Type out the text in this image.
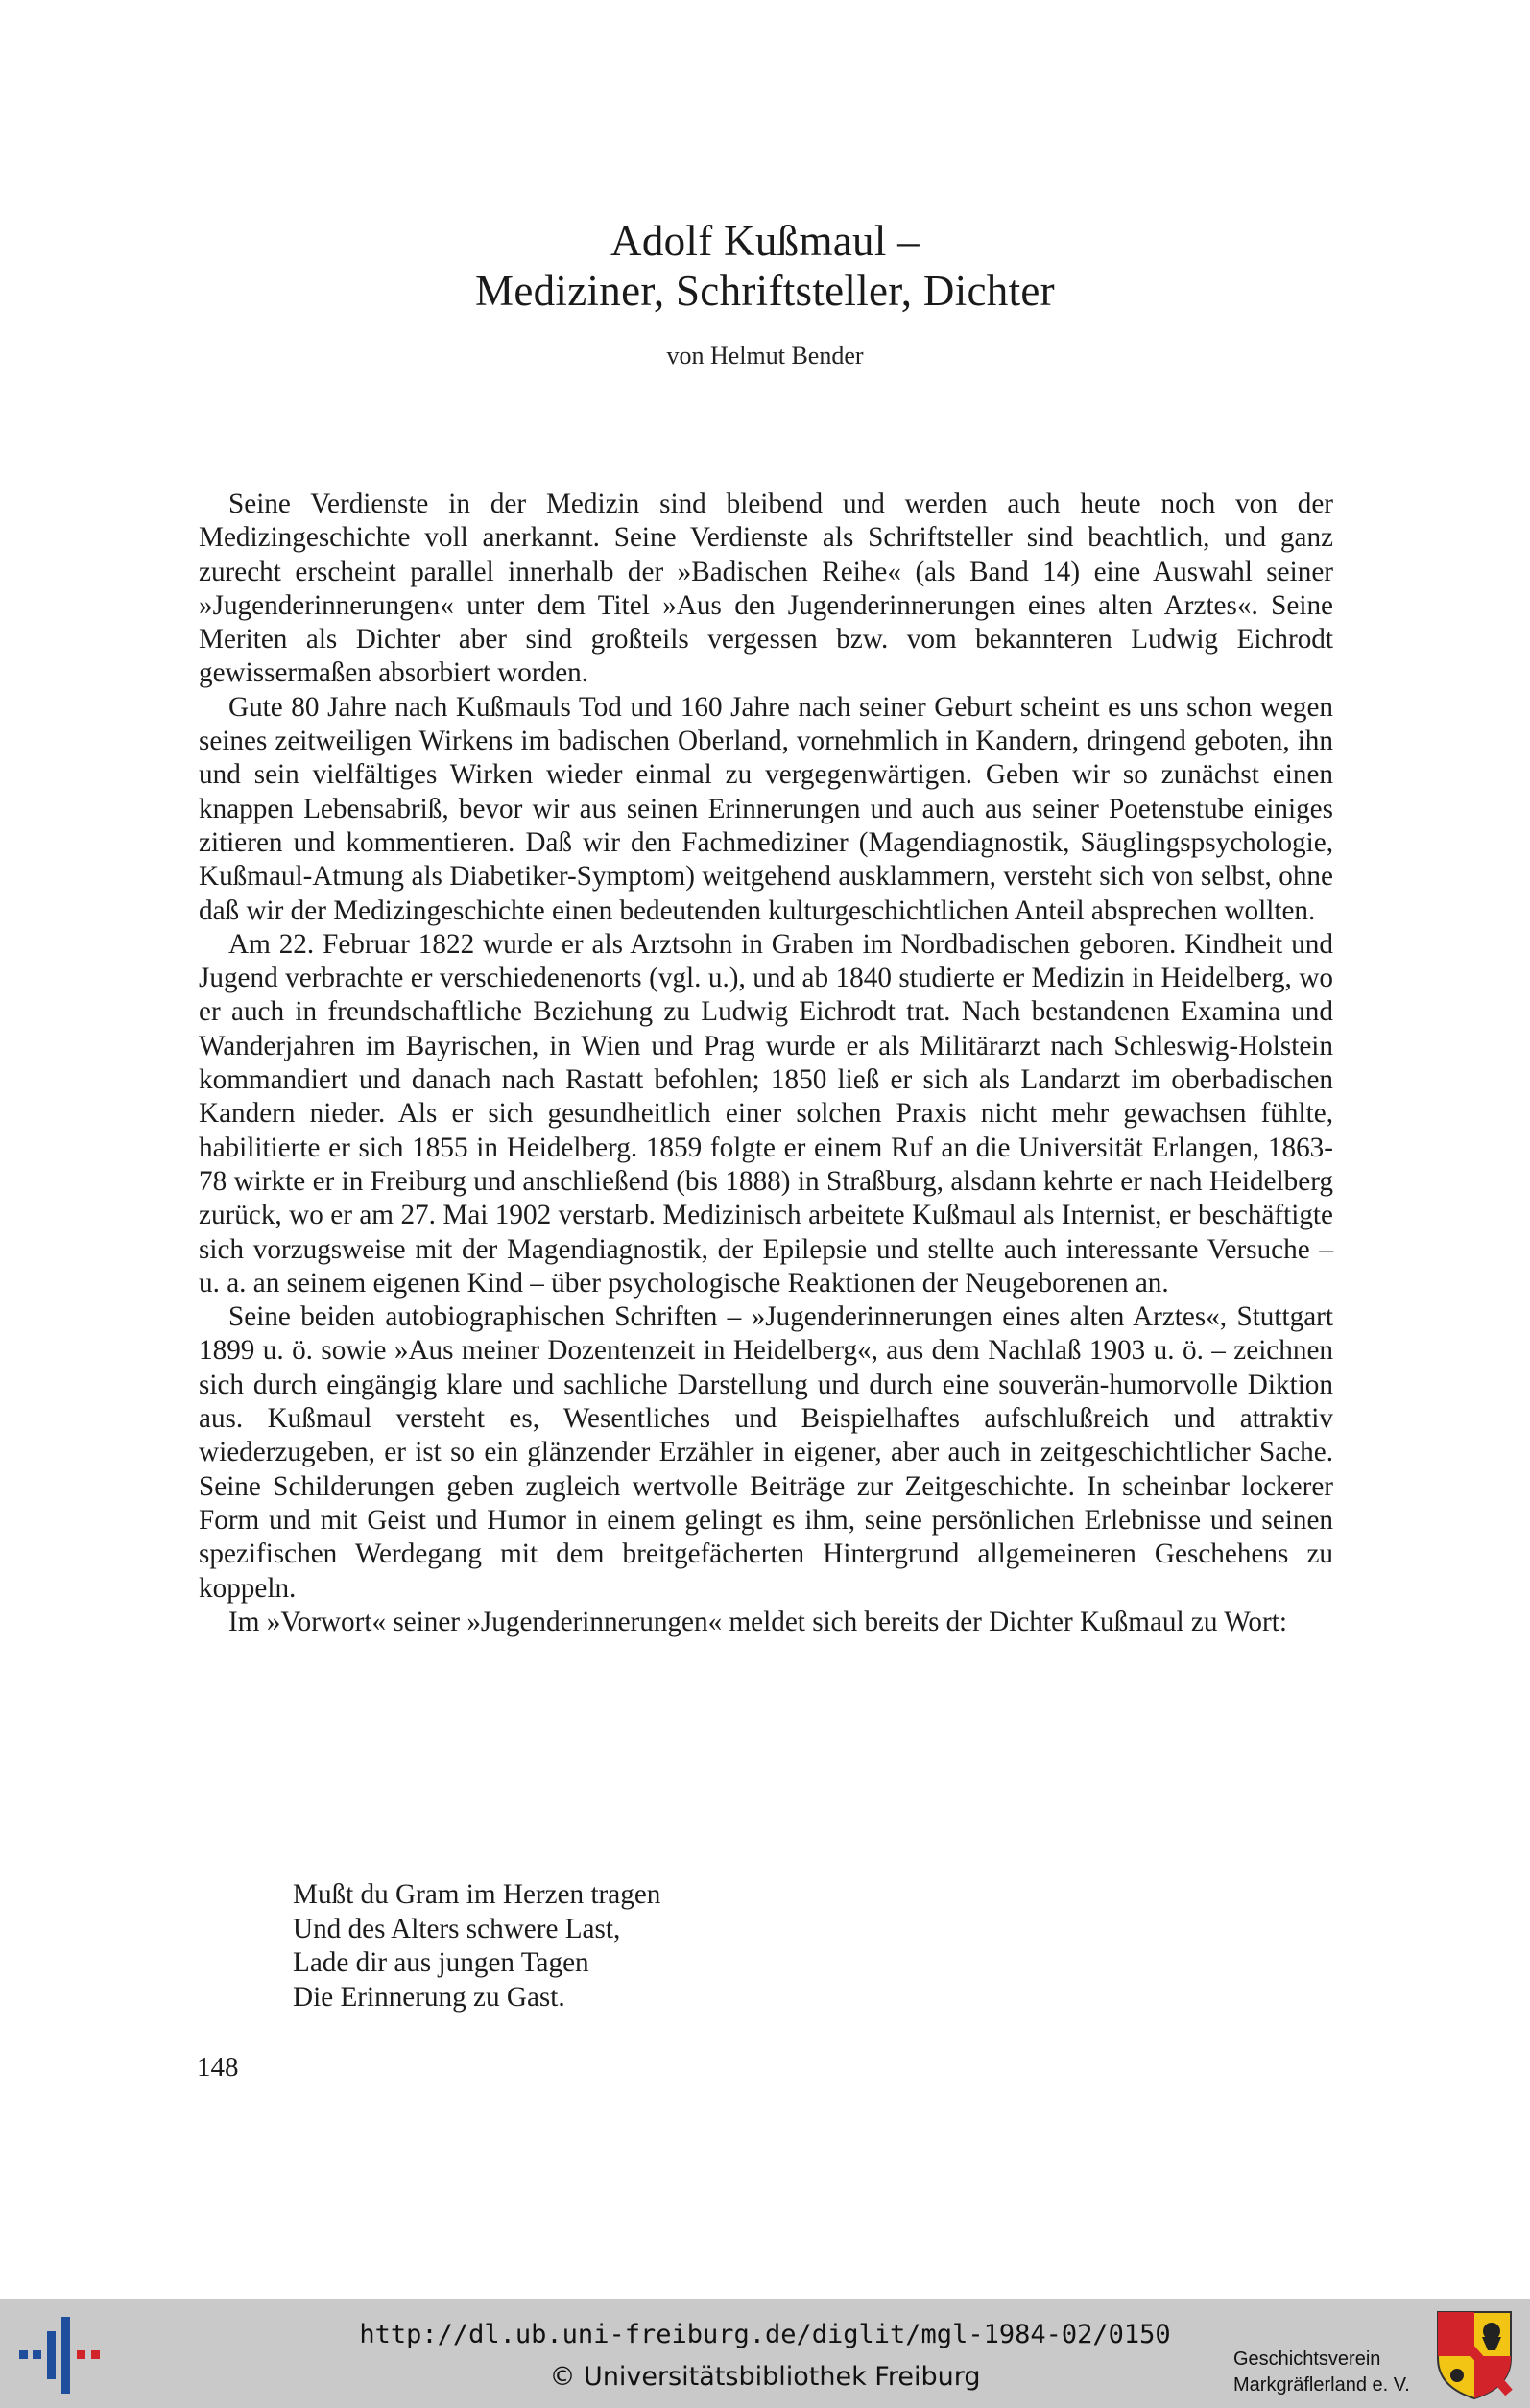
Adolf Kußmaul –
Mediziner, Schriftsteller, Dichter
von Helmut Bender

Seine Verdienste in der Medizin sind bleibend und werden auch heute noch von der Medizingeschichte voll anerkannt. Seine Verdienste als Schriftsteller sind beachtlich, und ganz zurecht erscheint parallel innerhalb der »Badischen Reihe« (als Band 14) eine Auswahl seiner »Jugenderinnerungen« unter dem Titel »Aus den Jugenderinnerungen eines alten Arztes«. Seine Meriten als Dichter aber sind großteils vergessen bzw. vom bekannteren Ludwig Eichrodt gewissermaßen absorbiert worden.

Gute 80 Jahre nach Kußmauls Tod und 160 Jahre nach seiner Geburt scheint es uns schon wegen seines zeitweiligen Wirkens im badischen Oberland, vornehmlich in Kandern, dringend geboten, ihn und sein vielfältiges Wirken wieder einmal zu vergegenwärtigen. Geben wir so zunächst einen knappen Lebensabriß, bevor wir aus seinen Erinnerungen und auch aus seiner Poetenstube einiges zitieren und kommentieren. Daß wir den Fachmediziner (Magendiagnostik, Säuglingspsychologie, Kußmaul-Atmung als Diabetiker-Symptom) weitgehend ausklammern, versteht sich von selbst, ohne daß wir der Medizingeschichte einen bedeutenden kulturgeschichtlichen Anteil absprechen wollten.

Am 22. Februar 1822 wurde er als Arztsohn in Graben im Nordbadischen geboren. Kindheit und Jugend verbrachte er verschiedenenorts (vgl. u.), und ab 1840 studierte er Medizin in Heidelberg, wo er auch in freundschaftliche Beziehung zu Ludwig Eichrodt trat. Nach bestandenen Examina und Wanderjahren im Bayrischen, in Wien und Prag wurde er als Militärarzt nach Schleswig-Holstein kommandiert und danach nach Rastatt befohlen; 1850 ließ er sich als Landarzt im oberbadischen Kandern nieder. Als er sich gesundheitlich einer solchen Praxis nicht mehr gewachsen fühlte, habilitierte er sich 1855 in Heidelberg. 1859 folgte er einem Ruf an die Universität Erlangen, 1863-78 wirkte er in Freiburg und anschließend (bis 1888) in Straßburg, alsdann kehrte er nach Heidelberg zurück, wo er am 27. Mai 1902 verstarb. Medizinisch arbeitete Kußmaul als Internist, er beschäftigte sich vorzugsweise mit der Magendiagnostik, der Epilepsie und stellte auch interessante Versuche – u. a. an seinem eigenen Kind – über psychologische Reaktionen der Neugeborenen an.

Seine beiden autobiographischen Schriften – »Jugenderinnerungen eines alten Arztes«, Stuttgart 1899 u. ö. sowie »Aus meiner Dozentenzeit in Heidelberg«, aus dem Nachlaß 1903 u. ö. – zeichnen sich durch eingängig klare und sachliche Darstellung und durch eine souverän-humorvolle Diktion aus. Kußmaul versteht es, Wesentliches und Beispielhaftes aufschlußreich und attraktiv wiederzugeben, er ist so ein glänzender Erzähler in eigener, aber auch in zeitgeschichtlicher Sache. Seine Schilderungen geben zugleich wertvolle Beiträge zur Zeitgeschichte. In scheinbar lockerer Form und mit Geist und Humor in einem gelingt es ihm, seine persönlichen Erlebnisse und seinen spezifischen Werdegang mit dem breitgefächerten Hintergrund allgemeineren Geschehens zu koppeln.

Im »Vorwort« seiner »Jugenderinnerungen« meldet sich bereits der Dichter Kußmaul zu Wort:

Mußt du Gram im Herzen tragen
Und des Alters schwere Last,
Lade dir aus jungen Tagen
Die Erinnerung zu Gast.
148
http://dl.ub.uni-freiburg.de/diglit/mgl-1984-02/0150
© Universitätsbibliothek Freiburg
Geschichtsverein
Markgräflerland e. V.
